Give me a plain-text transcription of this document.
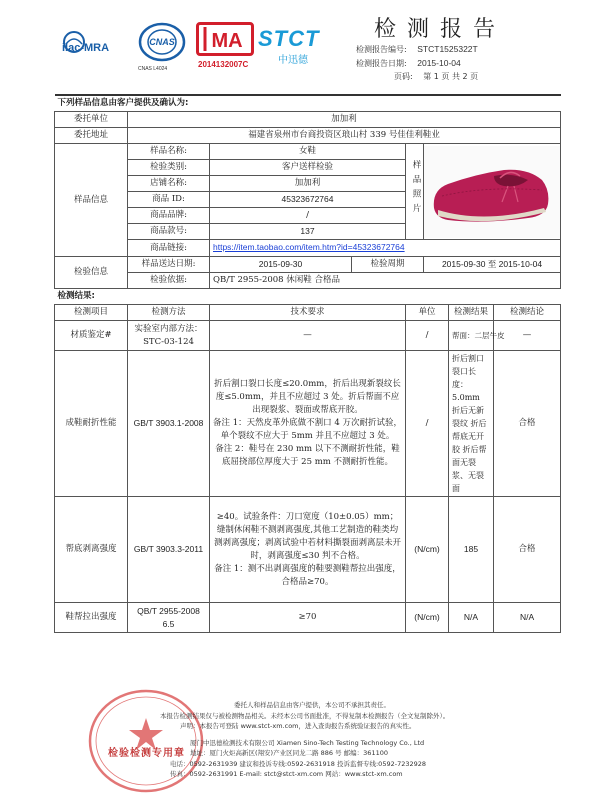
ilac-MRA	CNAS
CNAS L4024
MA
2014132007C
STCT
中迅德
检测报告
检测报告编号: STCT1525322T
检测报告日期: 2015-10-04
页码: 第 1 页 共 2 页
下列样品信息由客户提供及确认为:							
委托单位	加加利						
委托地址	福建省泉州市台商投资区琅山村 339 号佳佳利鞋业						
样品信息	样品名称:	女鞋		样品照片	

	检验类别:	客户送样检验					
	店铺名称:	加加利					
	商品 ID:	45323672764					
	商品品牌:	/					
	商品款号:	137					
	商品链接:	https://item.taobao.com/item.htm?id=45323672764					
检验信息	样品送达日期:	2015-09-30	检验周期		2015-09-30 至 2015-10-04		
	检验依据:	QB/T 2955-2008 休闲鞋 合格品					
检测结果:							
检测项目	检测方法	技术要求		单位		检测结果	检测结论
材质鉴定#	实验室内部方法：STC-03-124	—		/		帮面：二层牛皮	—
成鞋耐折性能	GB/T 3903.1-2008	折后割口裂口长度≤20.0mm，折后出现新裂纹长度≤5.0mm，并且不应超过 3 处。折后帮面不应出现裂浆、裂面或帮底开胶。
备注 1：天然皮革外底做不割口 4 万次耐折试验，单个裂纹不应大于 5mm 并且不应超过 3 处。
备注 2：鞋号在 230 mm 以下不测耐折性能，鞋底屈挠部位厚度大于 25 mm 不测耐折性能。		/		折后割口裂口长度：5.0mm 折后无新裂纹 折后帮底无开胶 折后帮面无裂浆、无裂面	合格
帮底剥离强度	GB/T 3903.3-2011	≥40。试验条件：刀口宽度（10±0.05）mm；缝制休闲鞋不测剥离强度,其他工艺制造的鞋类均测剥离强度；剥离试验中若材料撕裂面剥离层未开时，剥离强度≤30 判不合格。
备注 1：测不出剥离强度的鞋要测鞋帮拉出强度，合格品≥70。		(N/cm)		185	合格
鞋帮拉出强度	QB/T 2955-2008 6.5	≥70		(N/cm)		N/A	N/A
检验检测专用章
委托人和样品信息由客户提供，本公司不承担其责任。
本报告检测结果仅与被检测物品相关。未经本公司书面批准，不得复制本检测报告（全文复制除外）。
声明：本报告可登陆 www.stct-xm.com，进入查询报告系统验证报告的真实性。
厦门中迅德检测技术有限公司 Xiamen Sino-Tech Testing Technology Co., Ltd
地址：厦门火炬高新区(翔安)产业区同龙二路 886 号 邮编：361100
电话：0592-2631939 建议和投诉专线:0592-2631918 投诉监督专线:0592-7232928
传真：0592-2631991 E-mail: stct@stct-xm.com 网站：www.stct-xm.com
